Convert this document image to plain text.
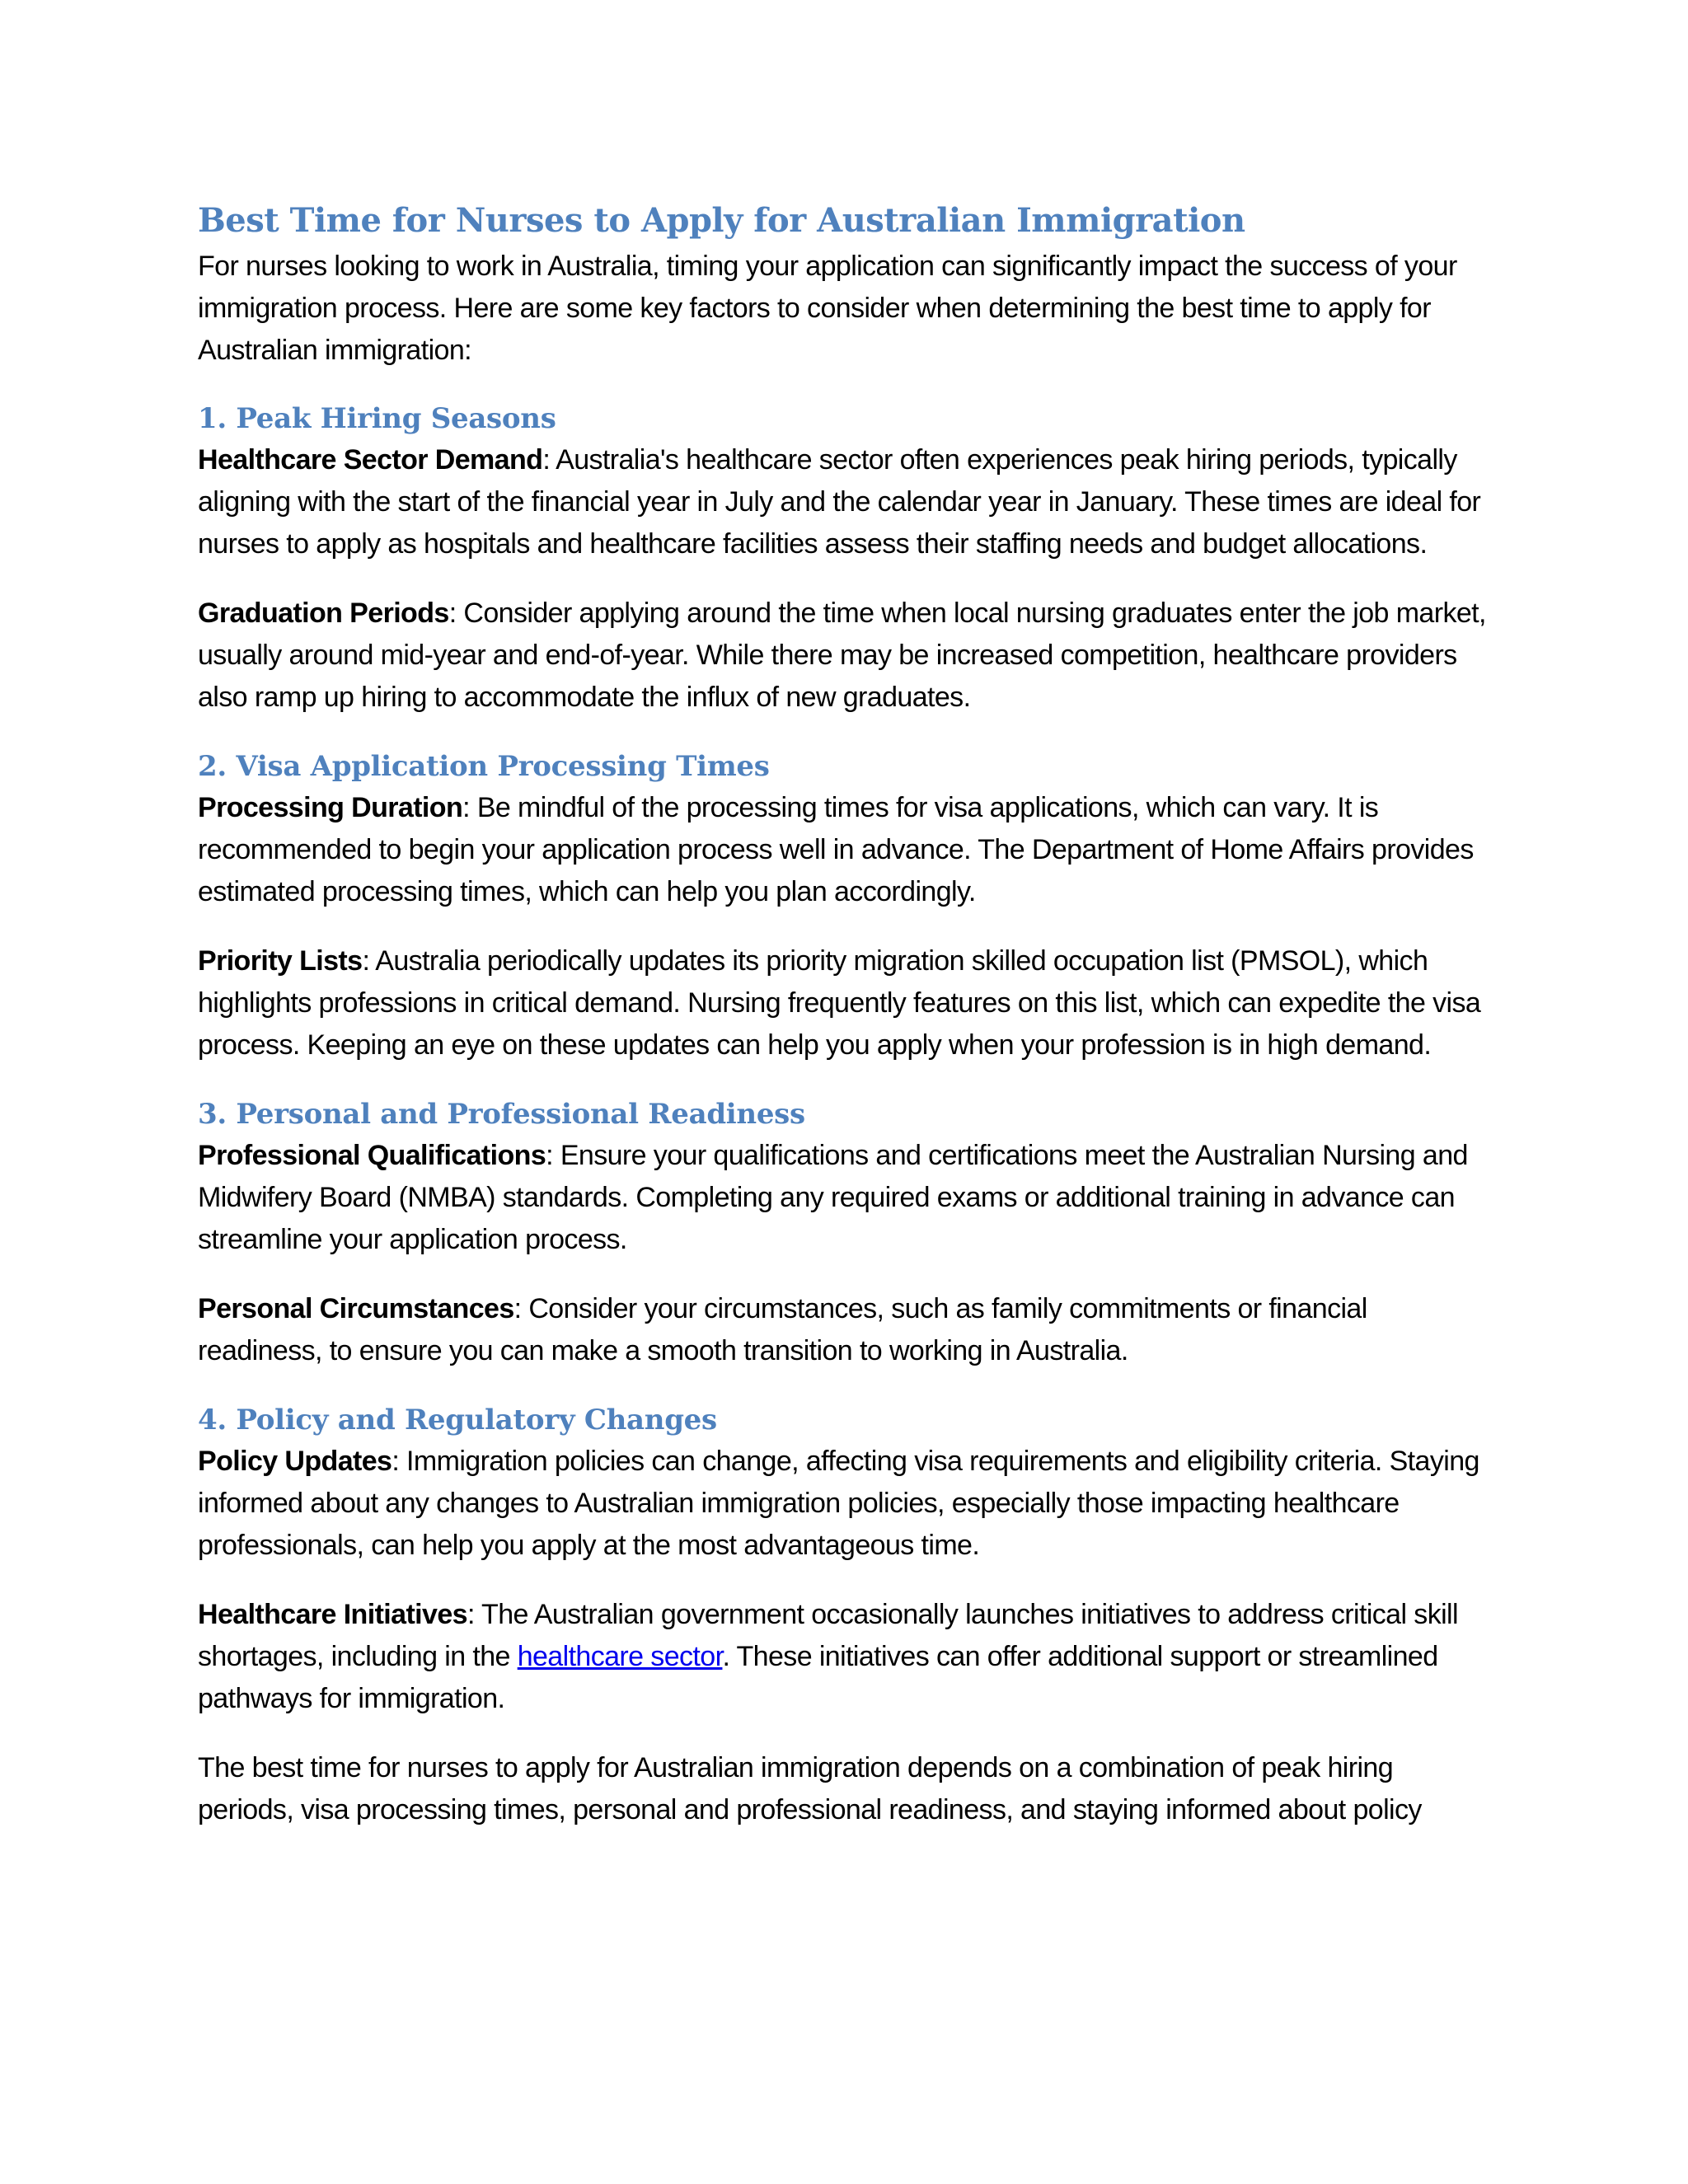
Best Time for Nurses to Apply for Australian Immigration

For nurses looking to work in Australia, timing your application can significantly impact the success of your immigration process. Here are some key factors to consider when determining the best time to apply for Australian immigration:

1. Peak Hiring Seasons

Healthcare Sector Demand: Australia's healthcare sector often experiences peak hiring periods, typically aligning with the start of the financial year in July and the calendar year in January. These times are ideal for nurses to apply as hospitals and healthcare facilities assess their staffing needs and budget allocations.

Graduation Periods: Consider applying around the time when local nursing graduates enter the job market, usually around mid-year and end-of-year. While there may be increased competition, healthcare providers also ramp up hiring to accommodate the influx of new graduates.

2. Visa Application Processing Times

Processing Duration: Be mindful of the processing times for visa applications, which can vary. It is recommended to begin your application process well in advance. The Department of Home Affairs provides estimated processing times, which can help you plan accordingly.

Priority Lists: Australia periodically updates its priority migration skilled occupation list (PMSOL), which highlights professions in critical demand. Nursing frequently features on this list, which can expedite the visa process. Keeping an eye on these updates can help you apply when your profession is in high demand.

3. Personal and Professional Readiness

Professional Qualifications: Ensure your qualifications and certifications meet the Australian Nursing and Midwifery Board (NMBA) standards. Completing any required exams or additional training in advance can streamline your application process.

Personal Circumstances: Consider your circumstances, such as family commitments or financial readiness, to ensure you can make a smooth transition to working in Australia.

4. Policy and Regulatory Changes

Policy Updates: Immigration policies can change, affecting visa requirements and eligibility criteria. Staying informed about any changes to Australian immigration policies, especially those impacting healthcare professionals, can help you apply at the most advantageous time.

Healthcare Initiatives: The Australian government occasionally launches initiatives to address critical skill shortages, including in the healthcare sector. These initiatives can offer additional support or streamlined pathways for immigration.

The best time for nurses to apply for Australian immigration depends on a combination of peak hiring periods, visa processing times, personal and professional readiness, and staying informed about policy
